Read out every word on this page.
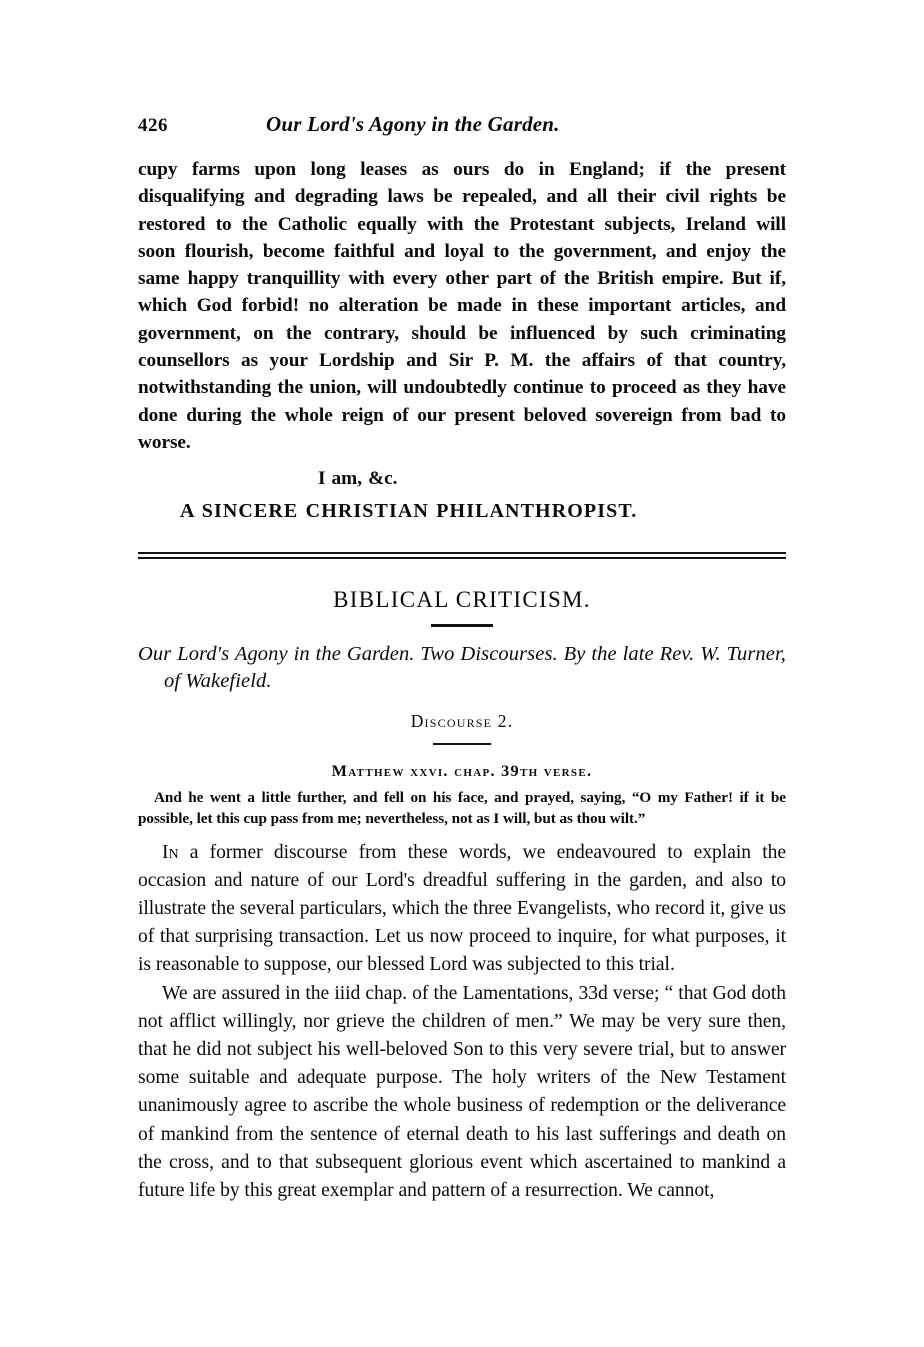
426	Our Lord's Agony in the Garden.

cupy farms upon long leases as ours do in England; if the present disqualifying and degrading laws be repealed, and all their civil rights be restored to the Catholic equally with the Protestant subjects, Ireland will soon flourish, become faithful and loyal to the government, and enjoy the same happy tranquillity with every other part of the British empire. But if, which God forbid! no alteration be made in these important articles, and government, on the contrary, should be influenced by such criminating counsellors as your Lordship and Sir P. M. the affairs of that country, notwithstanding the union, will undoubtedly continue to proceed as they have done during the whole reign of our present beloved sovereign from bad to worse.

I am, &c.
A SINCERE CHRISTIAN PHILANTHROPIST.
BIBLICAL CRITICISM.
Our Lord's Agony in the Garden. Two Discourses. By the late Rev. W. Turner, of Wakefield.
Discourse 2.
Matthew xxvi. chap. 39th verse.
And he went a little further, and fell on his face, and prayed, saying, “O my Father! if it be possible, let this cup pass from me; nevertheless, not as I will, but as thou wilt.”

In a former discourse from these words, we endeavoured to explain the occasion and nature of our Lord's dreadful suffering in the garden, and also to illustrate the several particulars, which the three Evangelists, who record it, give us of that surprising transaction. Let us now proceed to inquire, for what purposes, it is reasonable to suppose, our blessed Lord was subjected to this trial.

We are assured in the iiid chap. of the Lamentations, 33d verse; “ that God doth not afflict willingly, nor grieve the children of men.” We may be very sure then, that he did not subject his well-beloved Son to this very severe trial, but to answer some suitable and adequate purpose. The holy writers of the New Testament unanimously agree to ascribe the whole business of redemption or the deliverance of mankind from the sentence of eternal death to his last sufferings and death on the cross, and to that subsequent glorious event which ascertained to mankind a future life by this great exemplar and pattern of a resurrection. We cannot,
